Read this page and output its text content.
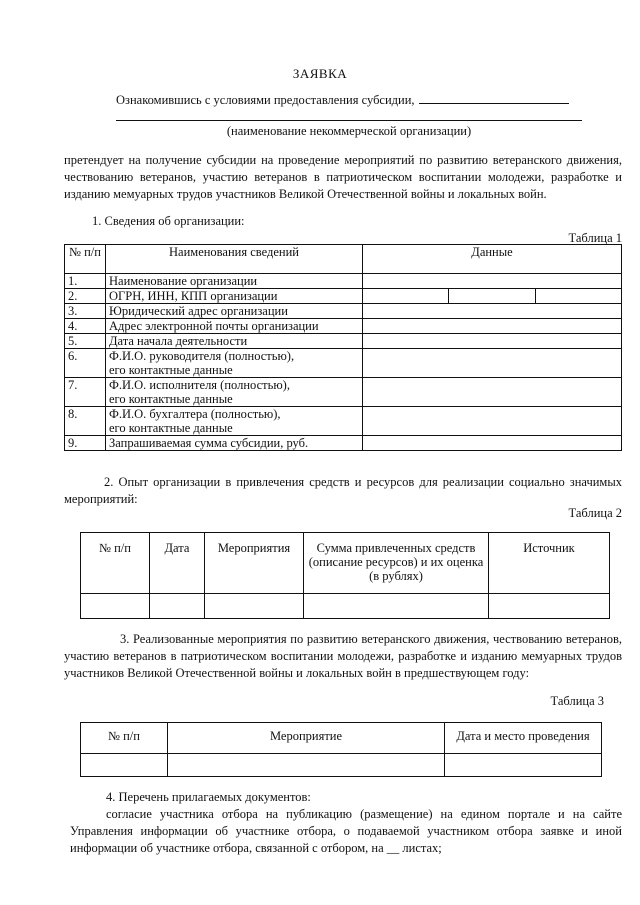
ЗАЯВКА
Ознакомившись с условиями предоставления субсидии,
(наименование некоммерческой организации)
претендует на получение субсидии на проведение мероприятий по развитию ветеранского движения, чествованию ветеранов, участию ветеранов в патриотическом воспитании молодежи, разработке и изданию мемуарных трудов участников Великой Отечественной войны и локальных войн.
1. Сведения об организации:
Таблица 1
№ п/п	Наименования сведений	Данные
1.	Наименование организации	
2.	ОГРН, ИНН, КПП организации	

3.	Юридический адрес организации	
4.	Адрес электронной почты организации	
5.	Дата начала деятельности	
6.	Ф.И.О. руководителя (полностью),
его контактные данные	

7.	Ф.И.О. исполнителя (полностью),
его контактные данные	

8.	Ф.И.О. бухгалтера (полностью),
его контактные данные	

9.	Запрашиваемая сумма субсидии, руб.	
2. Опыт организации в привлечения средств и ресурсов для реализации социально значимых мероприятий:
Таблица 2
№ п/п	Дата	Мероприятия	Сумма привлеченных средств (описание ресурсов) и их оценка (в рублях)	Источник

3. Реализованные мероприятия по развитию ветеранского движения, чествованию ветеранов, участию ветеранов в патриотическом воспитании молодежи, разработке и изданию мемуарных трудов участников Великой Отечественной войны и локальных войн в предшествующем году:
Таблица 3
№ п/п	Мероприятие	Дата и место проведения

4. Перечень прилагаемых документов:
согласие участника отбора на публикацию (размещение) на едином портале и на сайте Управления информации об участнике отбора, о подаваемой участником отбора заявке и иной информации об участнике отбора, связанной с отбором, на __ листах;
